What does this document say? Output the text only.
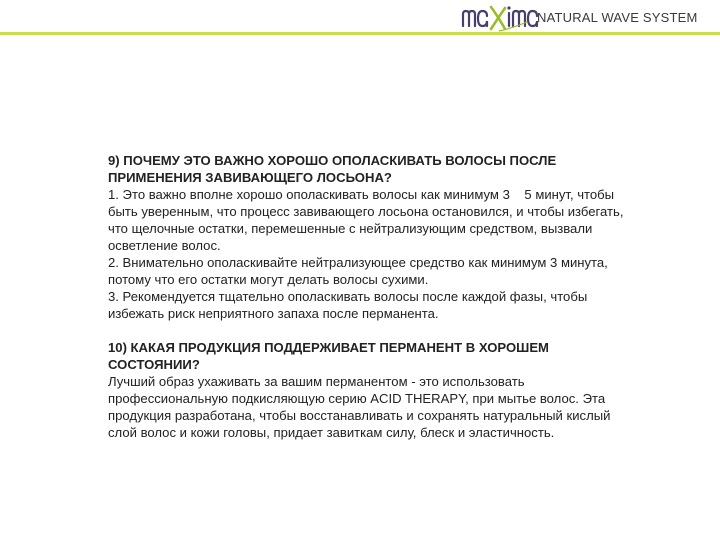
NATURAL WAVE SYSTEM
9) ПОЧЕМУ ЭТО ВАЖНО ХОРОШО ОПОЛАСКИВАТЬ ВОЛОСЫ ПОСЛЕ
ПРИМЕНЕНИЯ ЗАВИВАЮЩЕГО ЛОСЬОНА?
1. Это важно вполне хорошо ополаскивать волосы как минимум 3    5 минут, чтобы
быть уверенным, что процесс завивающего лосьона остановился, и чтобы избегать,
что щелочные остатки, перемешенные с нейтрализующим средством, вызвали
осветление волос.
2. Внимательно ополаскивайте нейтрализующее средство как минимум 3 минута,
потому что его остатки могут делать волосы сухими.
3. Рекомендуется тщательно ополаскивать волосы после каждой фазы, чтобы
избежать риск неприятного запаха после перманента.
10) КАКАЯ ПРОДУКЦИЯ ПОДДЕРЖИВАЕТ ПЕРМАНЕНТ В ХОРОШЕМ
СОСТОЯНИИ?
Лучший образ ухаживать за вашим перманентом - это использовать
профессиональную подкисляющую серию ACID THERAPY, при мытье волос. Эта
продукция разработана, чтобы восстанавливать и сохранять натуральный кислый
слой волос и кожи головы, придает завиткам силу, блеск и эластичность.
